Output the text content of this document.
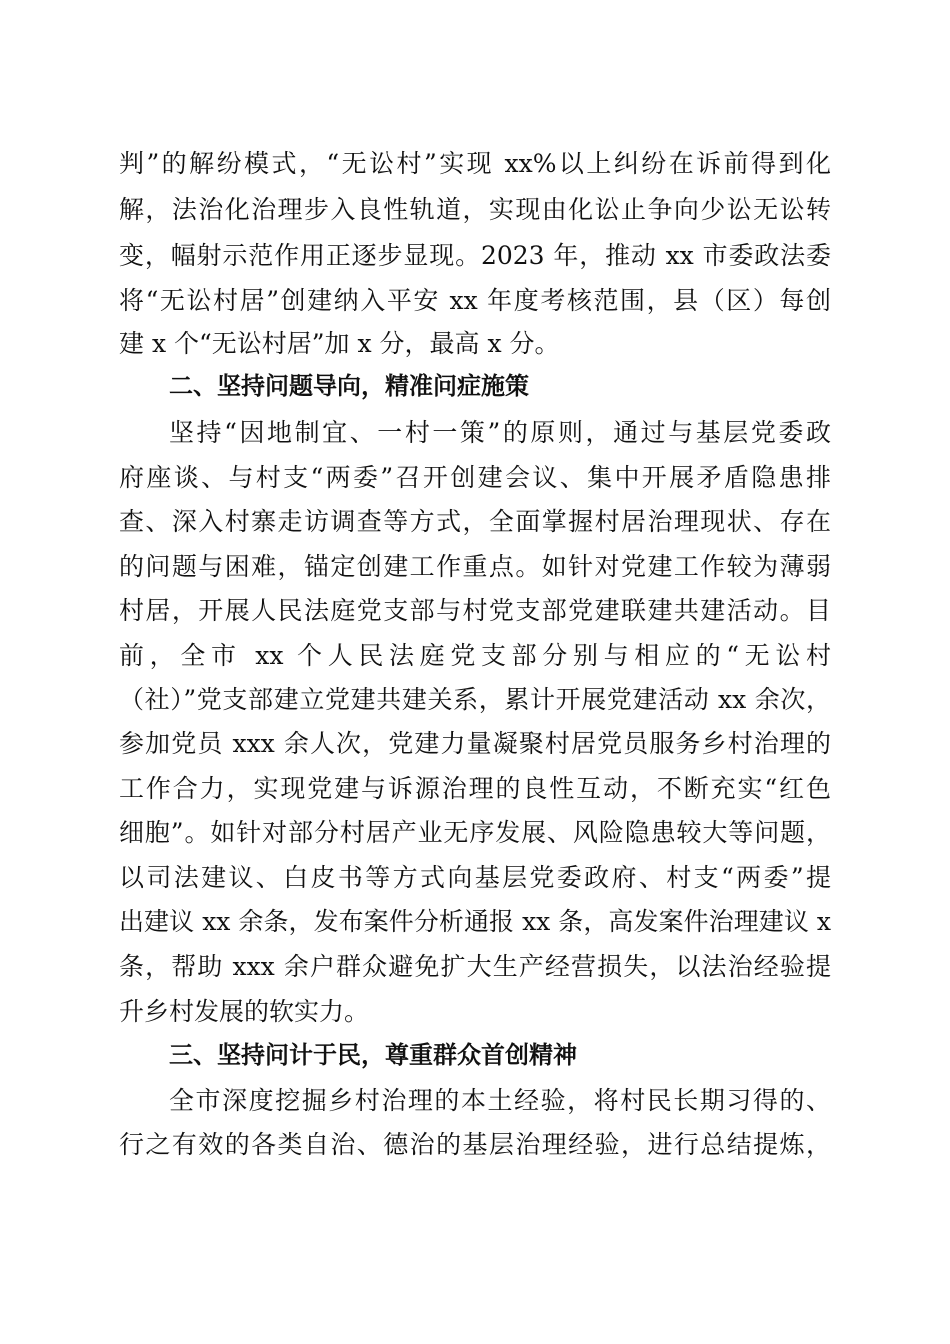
判”的解纷模式，“无讼村”实现 xx%以上纠纷在诉前得到化
解，法治化治理步入良性轨道，实现由化讼止争向少讼无讼转
变，幅射示范作用正逐步显现。2023 年，推动 xx 市委政法委
将“无讼村居”创建纳入平安 xx 年度考核范围，县（区）每创
建 x 个“无讼村居”加 x 分，最高 x 分。
二、坚持问题导向，精准问症施策
坚持“因地制宜、一村一策”的原则，通过与基层党委政
府座谈、与村支“两委”召开创建会议、集中开展矛盾隐患排
查、深入村寨走访调查等方式，全面掌握村居治理现状、存在
的问题与困难，锚定创建工作重点。如针对党建工作较为薄弱
村居，开展人民法庭党支部与村党支部党建联建共建活动。目
前，全市 xx 个人民法庭党支部分别与相应的“无讼村
（社）”党支部建立党建共建关系，累计开展党建活动 xx 余次，
参加党员 xxx 余人次，党建力量凝聚村居党员服务乡村治理的
工作合力，实现党建与诉源治理的良性互动，不断充实“红色
细胞”。如针对部分村居产业无序发展、风险隐患较大等问题，
以司法建议、白皮书等方式向基层党委政府、村支“两委”提
出建议 xx 余条，发布案件分析通报 xx 条，高发案件治理建议 x
条，帮助 xxx 余户群众避免扩大生产经营损失，以法治经验提
升乡村发展的软实力。
三、坚持问计于民，尊重群众首创精神
全市深度挖掘乡村治理的本土经验，将村民长期习得的、
行之有效的各类自治、德治的基层治理经验，进行总结提炼，
